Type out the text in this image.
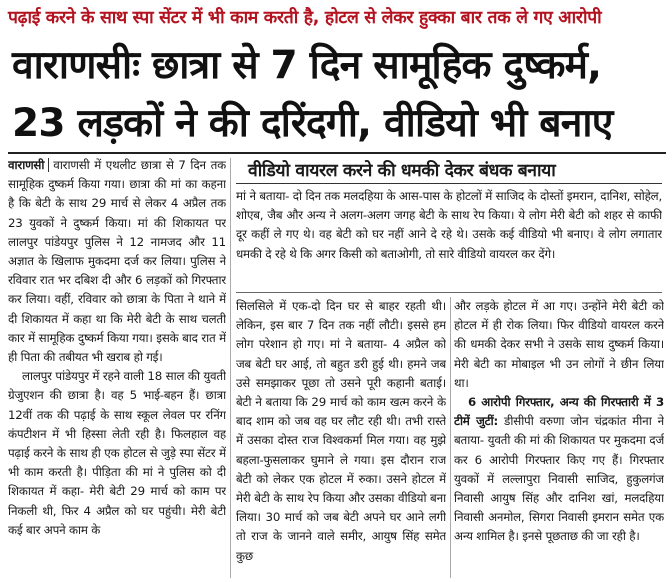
पढ़ाई करने के साथ स्पा सेंटर में भी काम करती है, होटल से लेकर हुक्का बार तक ले गए आरोपी
वाराणसीः छात्रा से 7 दिन सामूहिक दुष्कर्म,
23 लड़कों ने की दरिंदगी, वीडियो भी बनाए

वाराणसी वाराणसी में एथलीट छात्रा से 7 दिन तक सामूहिक दुष्कर्म किया गया। छात्रा की मां का कहना है कि बेटी के साथ 29 मार्च से लेकर 4 अप्रैल तक 23 युवकों ने दुष्कर्म किया। मां की शिकायत पर लालपुर पांडेयपुर पुलिस ने 12 नामजद और 11 अज्ञात के खिलाफ मुकदमा दर्ज कर लिया। पुलिस ने रविवार रात भर दबिश दी और 6 लड़कों को गिरफ्तार कर लिया। वहीं, रविवार को छात्रा के पिता ने थाने में दी शिकायत में कहा था कि मेरी बेटी के साथ चलती कार में सामूहिक दुष्कर्म किया गया। इसके बाद रात में ही पिता की तबीयत भी खराब हो गई।

लालपुर पांडेयपुर में रहने वाली 18 साल की युवती ग्रेजुएशन की छात्रा है। वह 5 भाई-बहन हैं। छात्रा 12वीं तक की पढ़ाई के साथ स्कूल लेवल पर रनिंग कंपटीशन में भी हिस्सा लेती रही है। फिलहाल वह पढ़ाई करने के साथ ही एक होटल से जुड़े स्पा सेंटर में भी काम करती है। पीड़िता की मां ने पुलिस को दी शिकायत में कहा- मेरी बेटी 29 मार्च को काम पर निकली थी, फिर 4 अप्रैल को घर पहुंची। मेरी बेटी कई बार अपने काम के

वीडियो वायरल करने की धमकी देकर बंधक बनाया

मां ने बताया- दो दिन तक मलदहिया के आस-पास के होटलों में साजिद के दोस्तों इमरान, दानिश, सोहेल, शोएब, जैब और अन्य ने अलग-अलग जगह बेटी के साथ रेप किया। ये लोग मेरी बेटी को शहर से काफी दूर कहीं ले गए थे। वह बेटी को घर नहीं आने दे रहे थे। उसके कई वीडियो भी बनाए। वे लोग लगातार धमकी दे रहे थे कि अगर किसी को बताओगी, तो सारे वीडियो वायरल कर देंगे।

सिलसिले में एक-दो दिन घर से बाहर रहती थी। लेकिन, इस बार 7 दिन तक नहीं लौटी। इससे हम लोग परेशान हो गए। मां ने बताया- 4 अप्रैल को जब बेटी घर आई, तो बहुत डरी हुई थी। हमने जब उसे समझाकर पूछा तो उसने पूरी कहानी बताई। बेटी ने बताया कि 29 मार्च को काम खत्म करने के बाद शाम को जब वह घर लौट रही थी। तभी रास्ते में उसका दोस्त राज विश्वकर्मा मिल गया। वह मुझे बहला-फुसलाकर घुमाने ले गया। इस दौरान राज बेटी को लेकर एक होटल में रुका। उसने होटल में मेरी बेटी के साथ रेप किया और उसका वीडियो बना लिया। 30 मार्च को जब बेटी अपने घर आने लगी तो राज के जानने वाले समीर, आयुष सिंह समेत कुछ

और लड़के होटल में आ गए। उन्होंने मेरी बेटी को होटल में ही रोक लिया। फिर वीडियो वायरल करने की धमकी देकर सभी ने उसके साथ दुष्कर्म किया। मेरी बेटी का मोबाइल भी उन लोगों ने छीन लिया था।

6 आरोपी गिरफ्तार, अन्य की गिरफ्तारी में 3 टीमें जुटीं: डीसीपी वरुणा जोन चंद्रकांत मीना ने बताया- युवती की मां की शिकायत पर मुकदमा दर्ज कर 6 आरोपी गिरफ्तार किए गए हैं। गिरफ्तार युवकों में लल्लापुरा निवासी साजिद, हुकुलगंज निवासी आयुष सिंह और दानिश खां, मलदहिया निवासी अनमोल, सिगरा निवासी इमरान समेत एक अन्य शामिल है। इनसे पूछताछ की जा रही है।
